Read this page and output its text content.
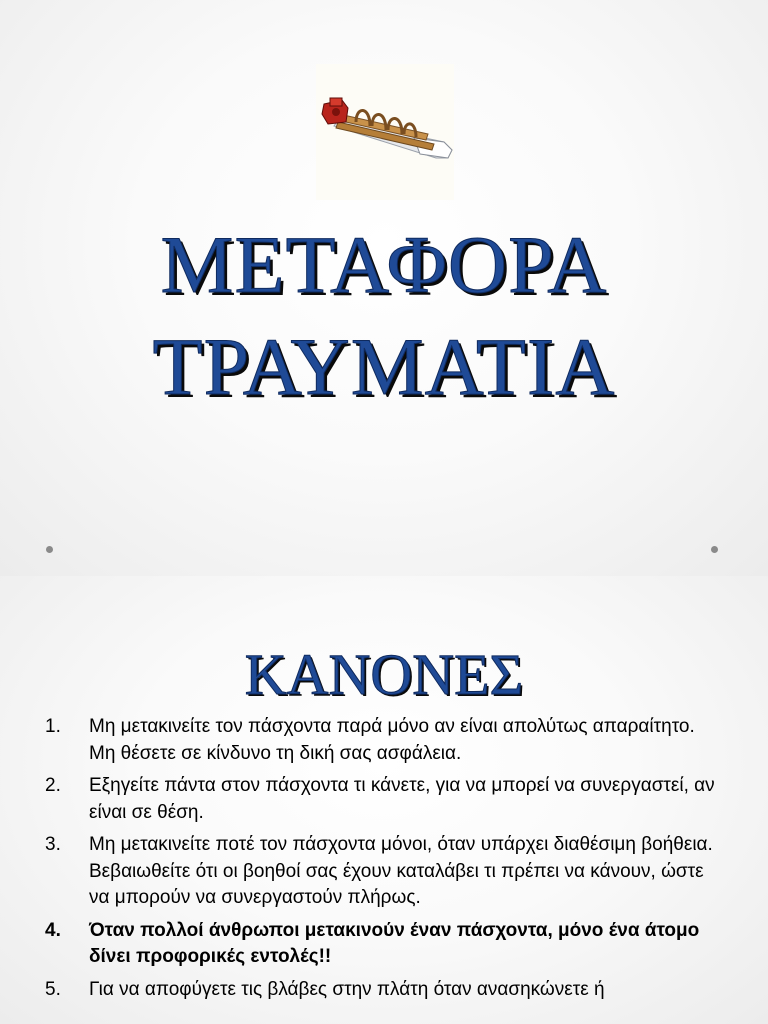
ΜΕΤΑΦΟΡΑ
ΤΡΑΥΜΑΤΙΑ
ΚΑΝΟΝΕΣ
1. Μη μετακινείτε τον πάσχοντα παρά μόνο αν είναι απολύτως απαραίτητο. Μη θέσετε σε κίνδυνο τη δική σας ασφάλεια.
2. Εξηγείτε πάντα στον πάσχοντα τι κάνετε, για να μπορεί να συνεργαστεί, αν είναι σε θέση.
3. Μη μετακινείτε ποτέ τον πάσχοντα μόνοι, όταν υπάρχει διαθέσιμη βοήθεια. Βεβαιωθείτε ότι οι βοηθοί σας έχουν καταλάβει τι πρέπει να κάνουν, ώστε να μπορούν να συνεργαστούν πλήρως.
4. Όταν πολλοί άνθρωποι μετακινούν έναν πάσχοντα, μόνο ένα άτομο δίνει προφορικές εντολές!!
5. Για να αποφύγετε τις βλάβες στην πλάτη όταν ανασηκώνετε ή
